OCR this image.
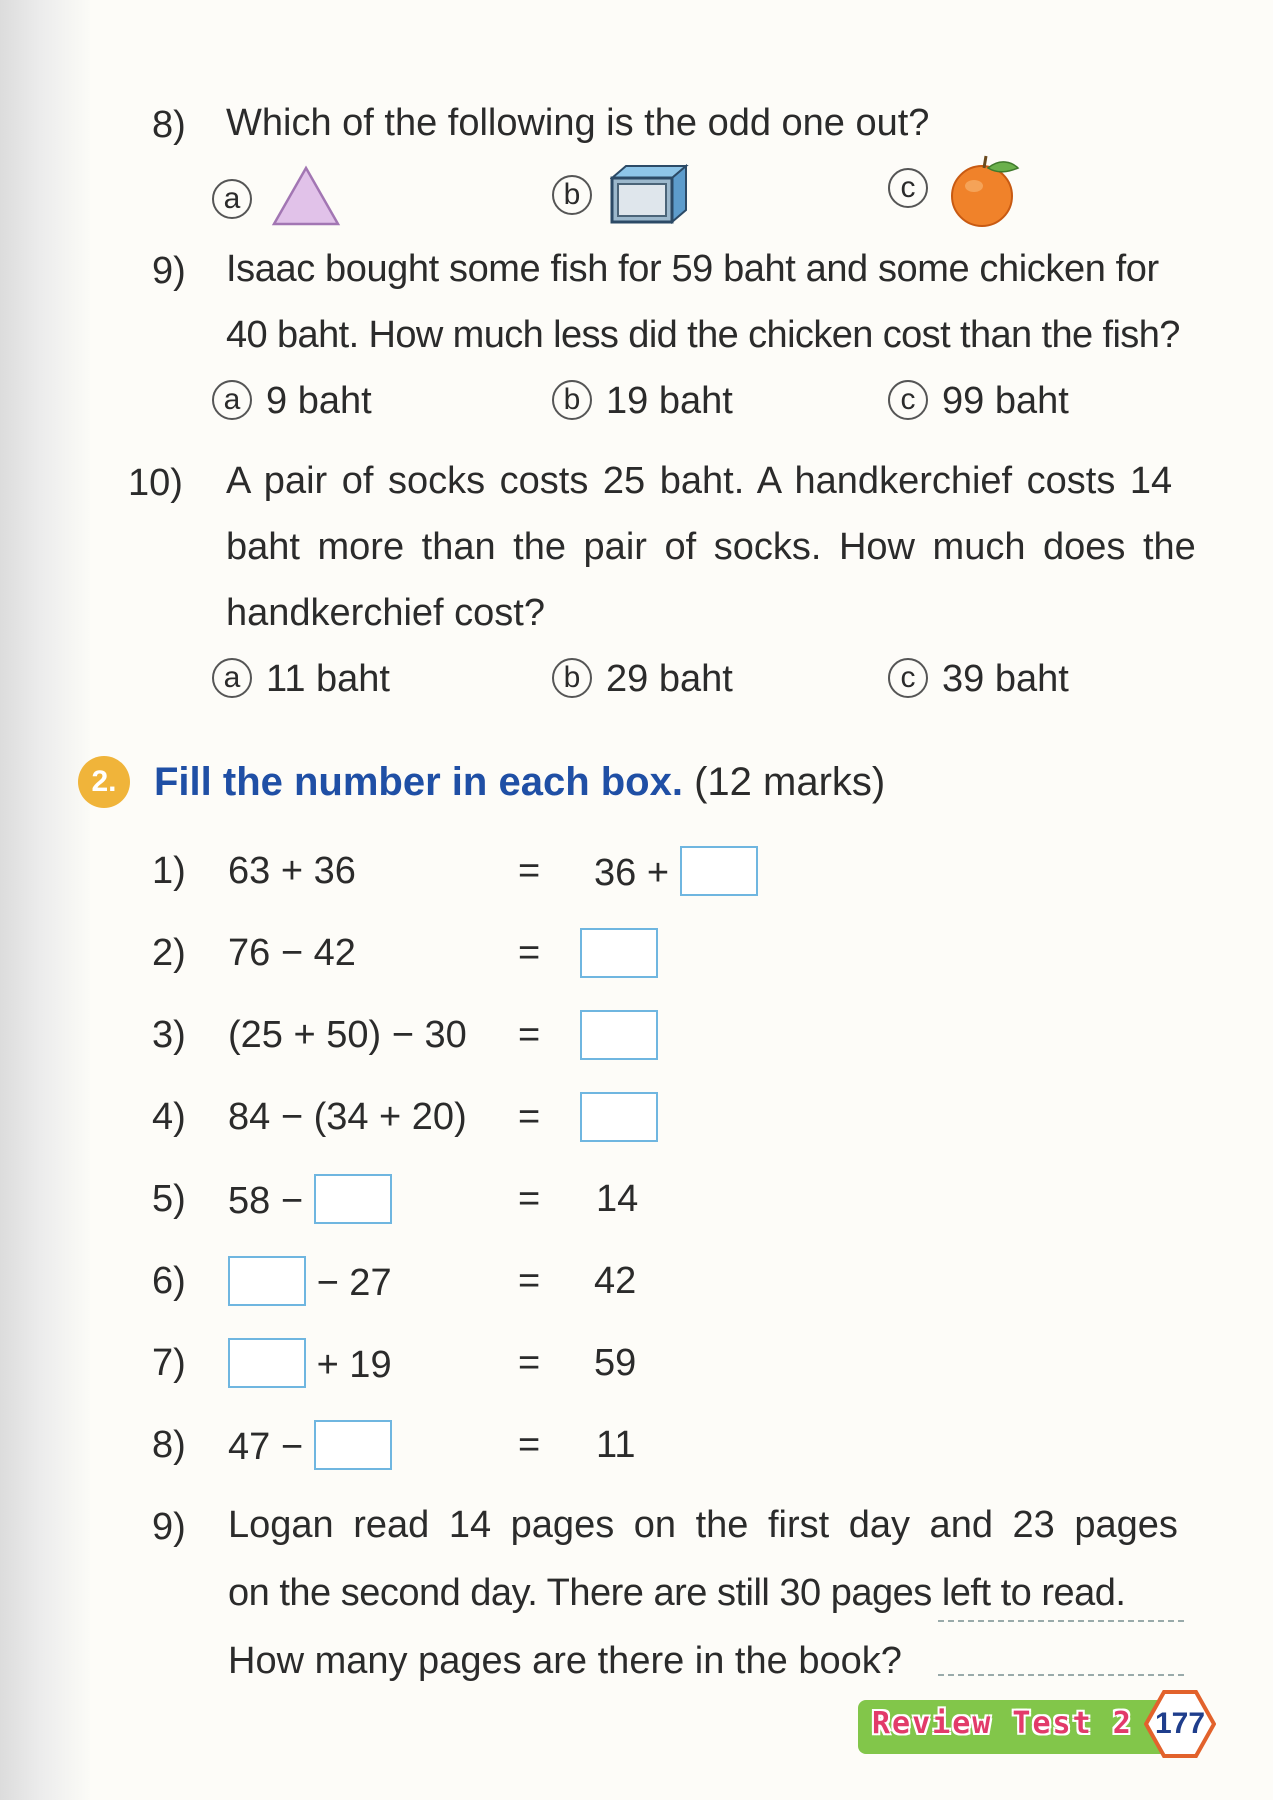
8) Which of the following is the odd one out?
a	b	c
9) Isaac bought some fish for 59 baht and some chicken for
40 baht. How much less did the chicken cost than the fish?
a 9 baht	b 19 baht	c 99 baht
10) A pair of socks costs 25 baht. A handkerchief costs 14
baht more than the pair of socks. How much does the
handkerchief cost?
a 11 baht	b 29 baht	c 39 baht
2. Fill the number in each box. (12 marks)
1) 63 + 36	= 36 +
2) 76 − 42	=
3) (25 + 50) − 30 =
4) 84 − (34 + 20) =
5) 58 −	= 14
6)	− 27	= 42
7)	+ 19	= 59
8) 47 −	= 11
9) Logan read 14 pages on the first day and 23 pages
on the second day. There are still 30 pages left to read.
How many pages are there in the book?
Review Test 2 177
